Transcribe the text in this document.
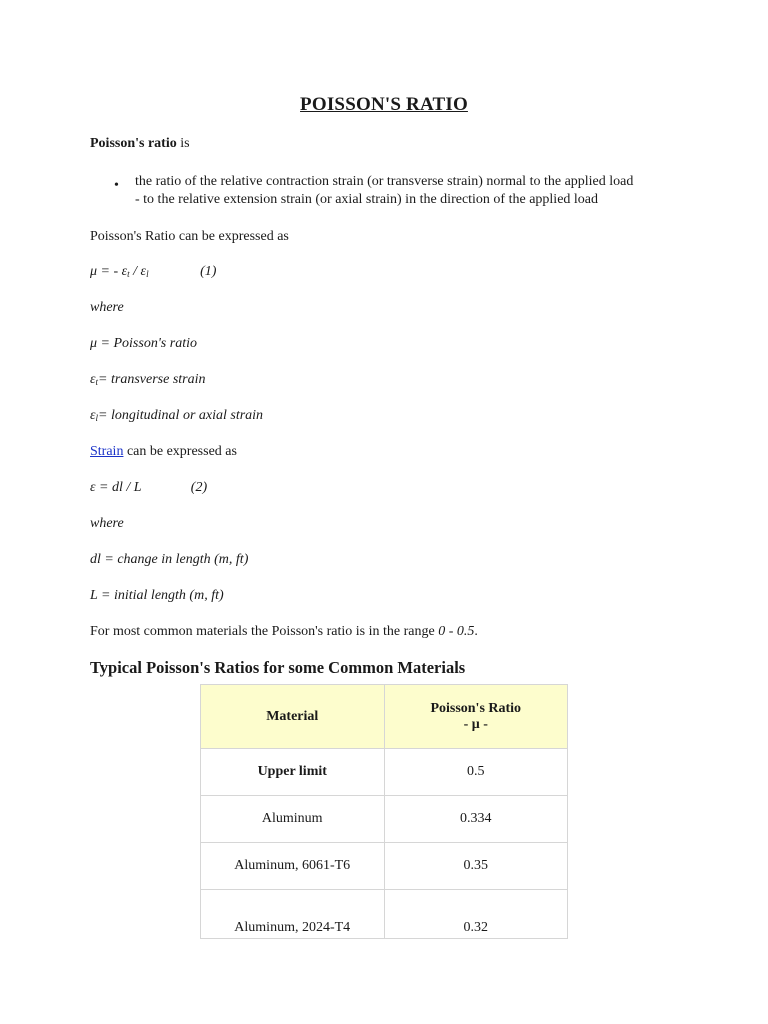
POISSON'S RATIO
Poisson's ratio is
• the ratio of the relative contraction strain (or transverse strain) normal to the applied load
- to the relative extension strain (or axial strain) in the direction of the applied load
Poisson's Ratio can be expressed as
μ = - $\varepsilon_t / \varepsilon_l$	(1)
where
μ = Poisson's ratio
$\varepsilon_t=$ transverse strain
$\varepsilon_l=$ longitudinal or axial strain
Strain can be expressed as
ε = dl / L	(2)
where
dl = change in length (m, ft)
L = initial length (m, ft)
For most common materials the Poisson's ratio is in the range 0 - 0.5.
Typical Poisson's Ratios for some Common Materials
Material	Poisson's Ratio
- μ -

Upper limit	0.5
Aluminum	0.334
Aluminum, 6061-T6	0.35
Aluminum, 2024-T4	0.32
